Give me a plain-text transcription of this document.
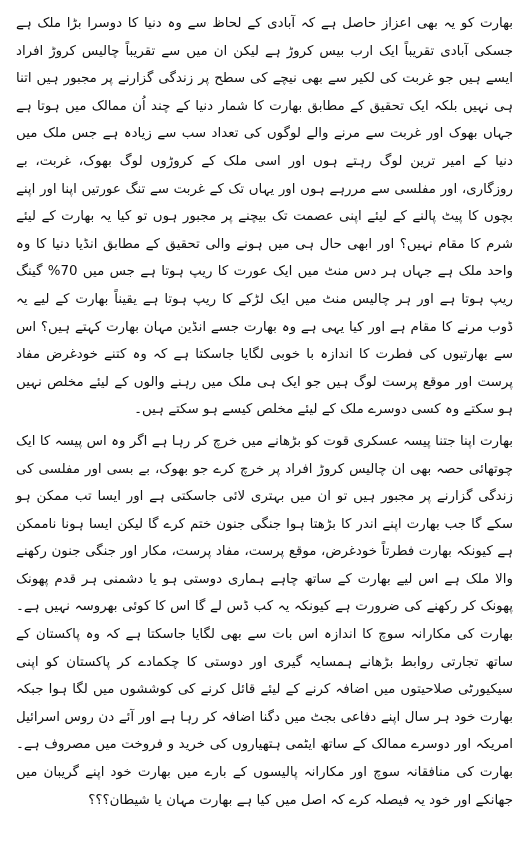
بھارت کو یہ بھی اعزاز حاصل ہے کہ آبادی کے لحاظ سے وہ دنیا کا دوسرا بڑا ملک ہے جسکی آبادی تقریباً ایک ارب بیس کروڑ ہے لیکن ان میں سے تقریباً چالیس کروڑ افراد ایسے ہیں جو غربت کی لکیر سے بھی نیچے کی سطح پر زندگی گزارنے پر مجبور ہیں اتنا ہی نہیں بلکہ ایک تحقیق کے مطابق بھارت کا شمار دنیا کے چند اُن ممالک میں ہوتا ہے جہاں بھوک اور غربت سے مرنے والے لوگوں کی تعداد سب سے زیادہ ہے جس ملک میں دنیا کے امیر ترین لوگ رہتے ہوں اور اسی ملک کے کروڑوں لوگ بھوک، غربت، بے روزگاری، اور مفلسی سے مررہے ہوں اور یہاں تک کے غربت سے تنگ عورتیں اپنا اور اپنے بچوں کا پیٹ پالنے کے لیئے اپنی عصمت تک بیچنے پر مجبور ہوں تو کیا یہ بھارت کے لیئے شرم کا مقام نہیں؟ اور ابھی حال ہی میں ہونے والی تحقیق کے مطابق انڈیا دنیا کا وہ واحد ملک ہے جہاں ہر دس منٹ میں ایک عورت کا ریپ ہوتا ہے جس میں 70% گینگ ریپ ہوتا ہے اور ہر چالیس منٹ میں ایک لڑکے کا ریپ ہوتا ہے یقیناً بھارت کے لیے یہ ڈوب مرنے کا مقام ہے اور کیا یہی ہے وہ بھارت جسے انڈین مہان بھارت کہتے ہیں؟ اس سے بھارتیوں کی فطرت کا اندازہ با خوبی لگایا جاسکتا ہے کہ وہ کتنے خودغرض مفاد پرست اور موقع پرست لوگ ہیں جو ایک ہی ملک میں رہنے والوں کے لیئے مخلص نہیں ہو سکتے وہ کسی دوسرے ملک کے لیئے مخلص کیسے ہو سکتے ہیں۔

بھارت اپنا جتنا پیسہ عسکری قوت کو بڑھانے میں خرچ کر رہا ہے اگر وہ اس پیسہ کا ایک چوتھائی حصہ بھی ان چالیس کروڑ افراد پر خرچ کرے جو بھوک، بے بسی اور مفلسی کی زندگی گزارنے پر مجبور ہیں تو ان میں بہتری لائی جاسکتی ہے اور ایسا تب ممکن ہو سکے گا جب بھارت اپنے اندر کا بڑھتا ہوا جنگی جنون ختم کرے گا لیکن ایسا ہونا ناممکن ہے کیونکہ بھارت فطرتاً خودغرض، موقع پرست، مفاد پرست، مکار اور جنگی جنون رکھنے والا ملک ہے اس لیے بھارت کے ساتھ چاہے ہماری دوستی ہو یا دشمنی ہر قدم پھونک پھونک کر رکھنے کی ضرورت ہے کیونکہ یہ کب ڈس لے گا اس کا کوئی بھروسہ نہیں ہے۔ بھارت کی مکارانہ سوچ کا اندازہ اس بات سے بھی لگایا جاسکتا ہے کہ وہ پاکستان کے ساتھ تجارتی روابط بڑھانے ہمسایہ گیری اور دوستی کا چکمادے کر پاکستان کو اپنی سیکیورٹی صلاحیتوں میں اضافہ کرنے کے لیئے قائل کرنے کی کوششوں میں لگا ہوا جبکہ بھارت خود ہر سال اپنے دفاعی بجٹ میں دگنا اضافہ کر رہا ہے اور آئے دن روس اسرائیل امریکہ اور دوسرے ممالک کے ساتھ ایٹمی ہتھیاروں کی خرید و فروخت میں مصروف ہے۔ بھارت کی منافقانہ سوچ اور مکارانہ پالیسوں کے بارے میں بھارت خود اپنے گریبان میں جھانکے اور خود یہ فیصلہ کرے کہ اصل میں کیا ہے بھارت مہان یا شیطان؟؟؟
